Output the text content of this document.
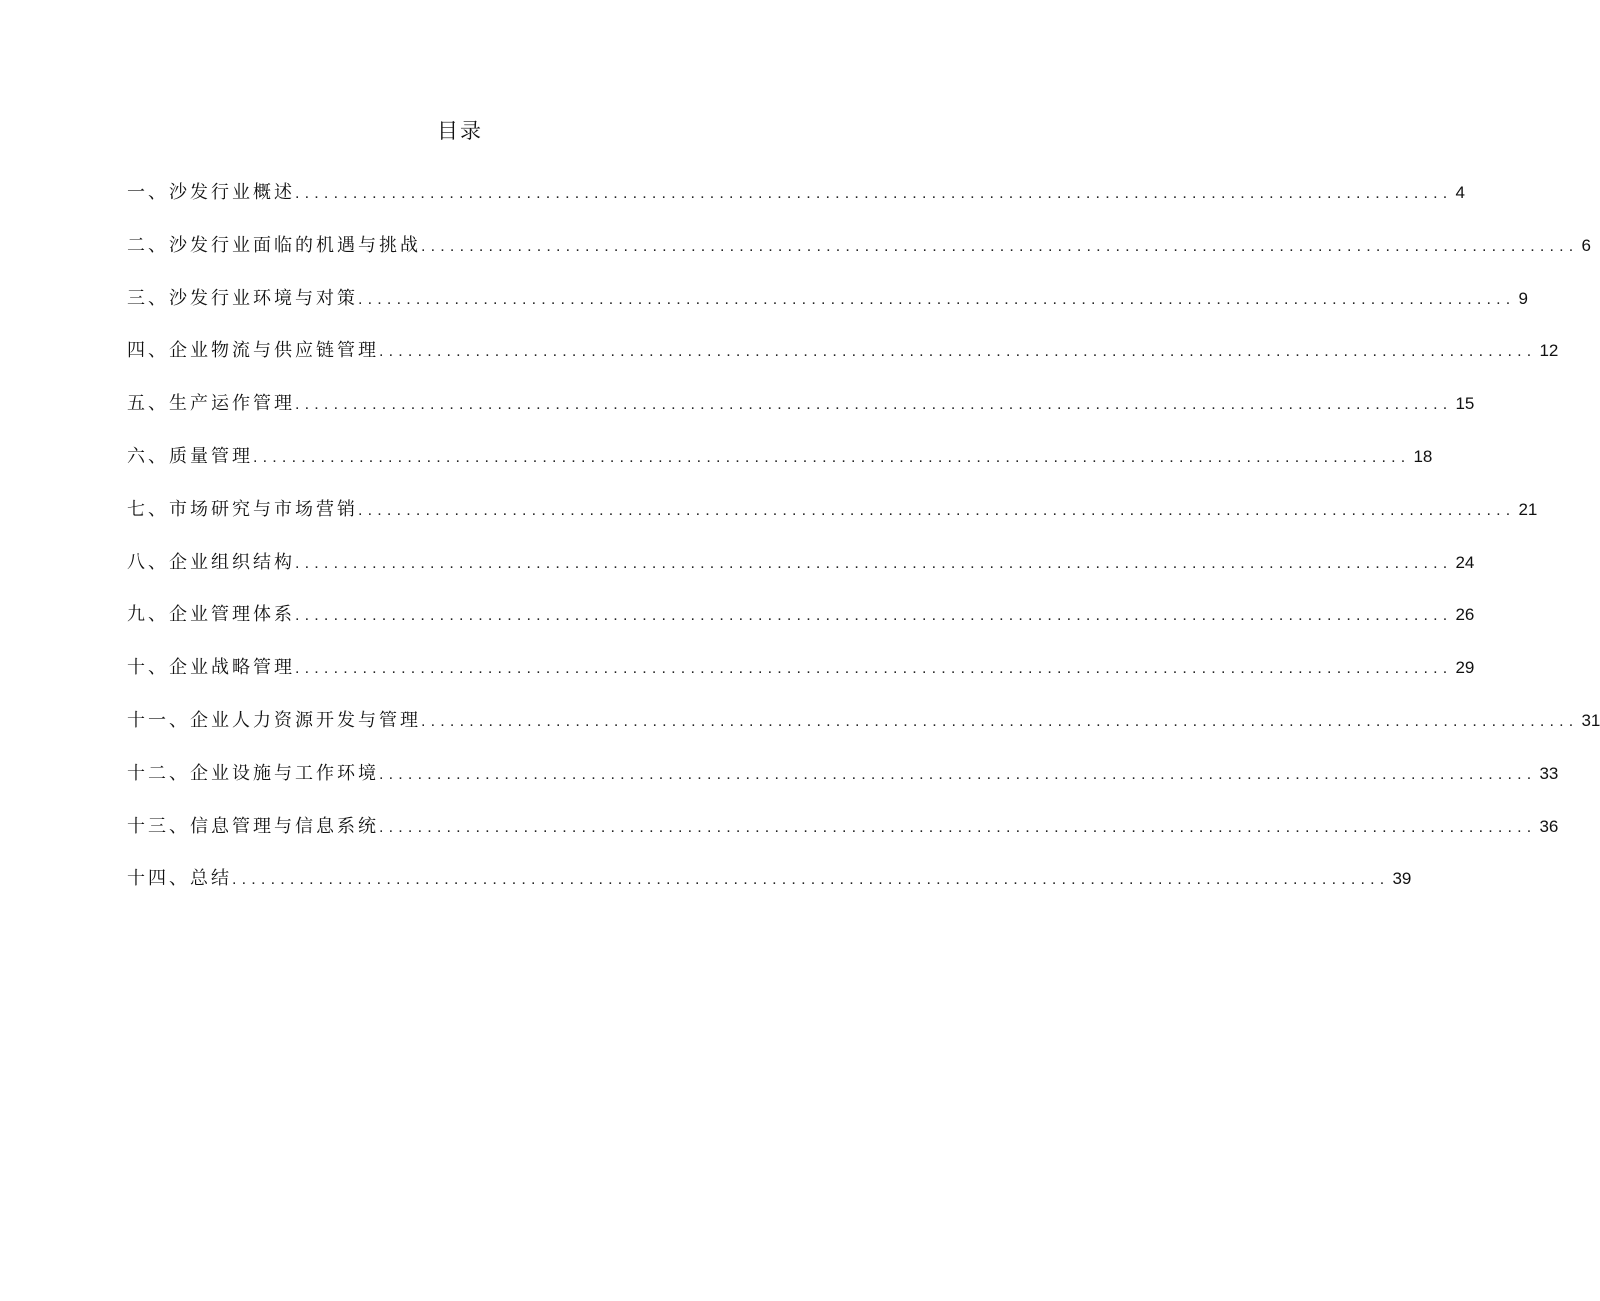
目录
一、沙发行业概述 ........................................................................................................................ 4
二、沙发行业面临的机遇与挑战 ........................................................................................................................ 6
三、沙发行业环境与对策 ........................................................................................................................ 9
四、企业物流与供应链管理 ........................................................................................................................ 12
五、生产运作管理 ........................................................................................................................ 15
六、质量管理 ........................................................................................................................ 18
七、市场研究与市场营销 ........................................................................................................................ 21
八、企业组织结构 ........................................................................................................................ 24
九、企业管理体系 ........................................................................................................................ 26
十、企业战略管理 ........................................................................................................................ 29
十一、企业人力资源开发与管理 ........................................................................................................................ 31
十二、企业设施与工作环境 ........................................................................................................................ 33
十三、信息管理与信息系统 ........................................................................................................................ 36
十四、总结 ........................................................................................................................ 39
